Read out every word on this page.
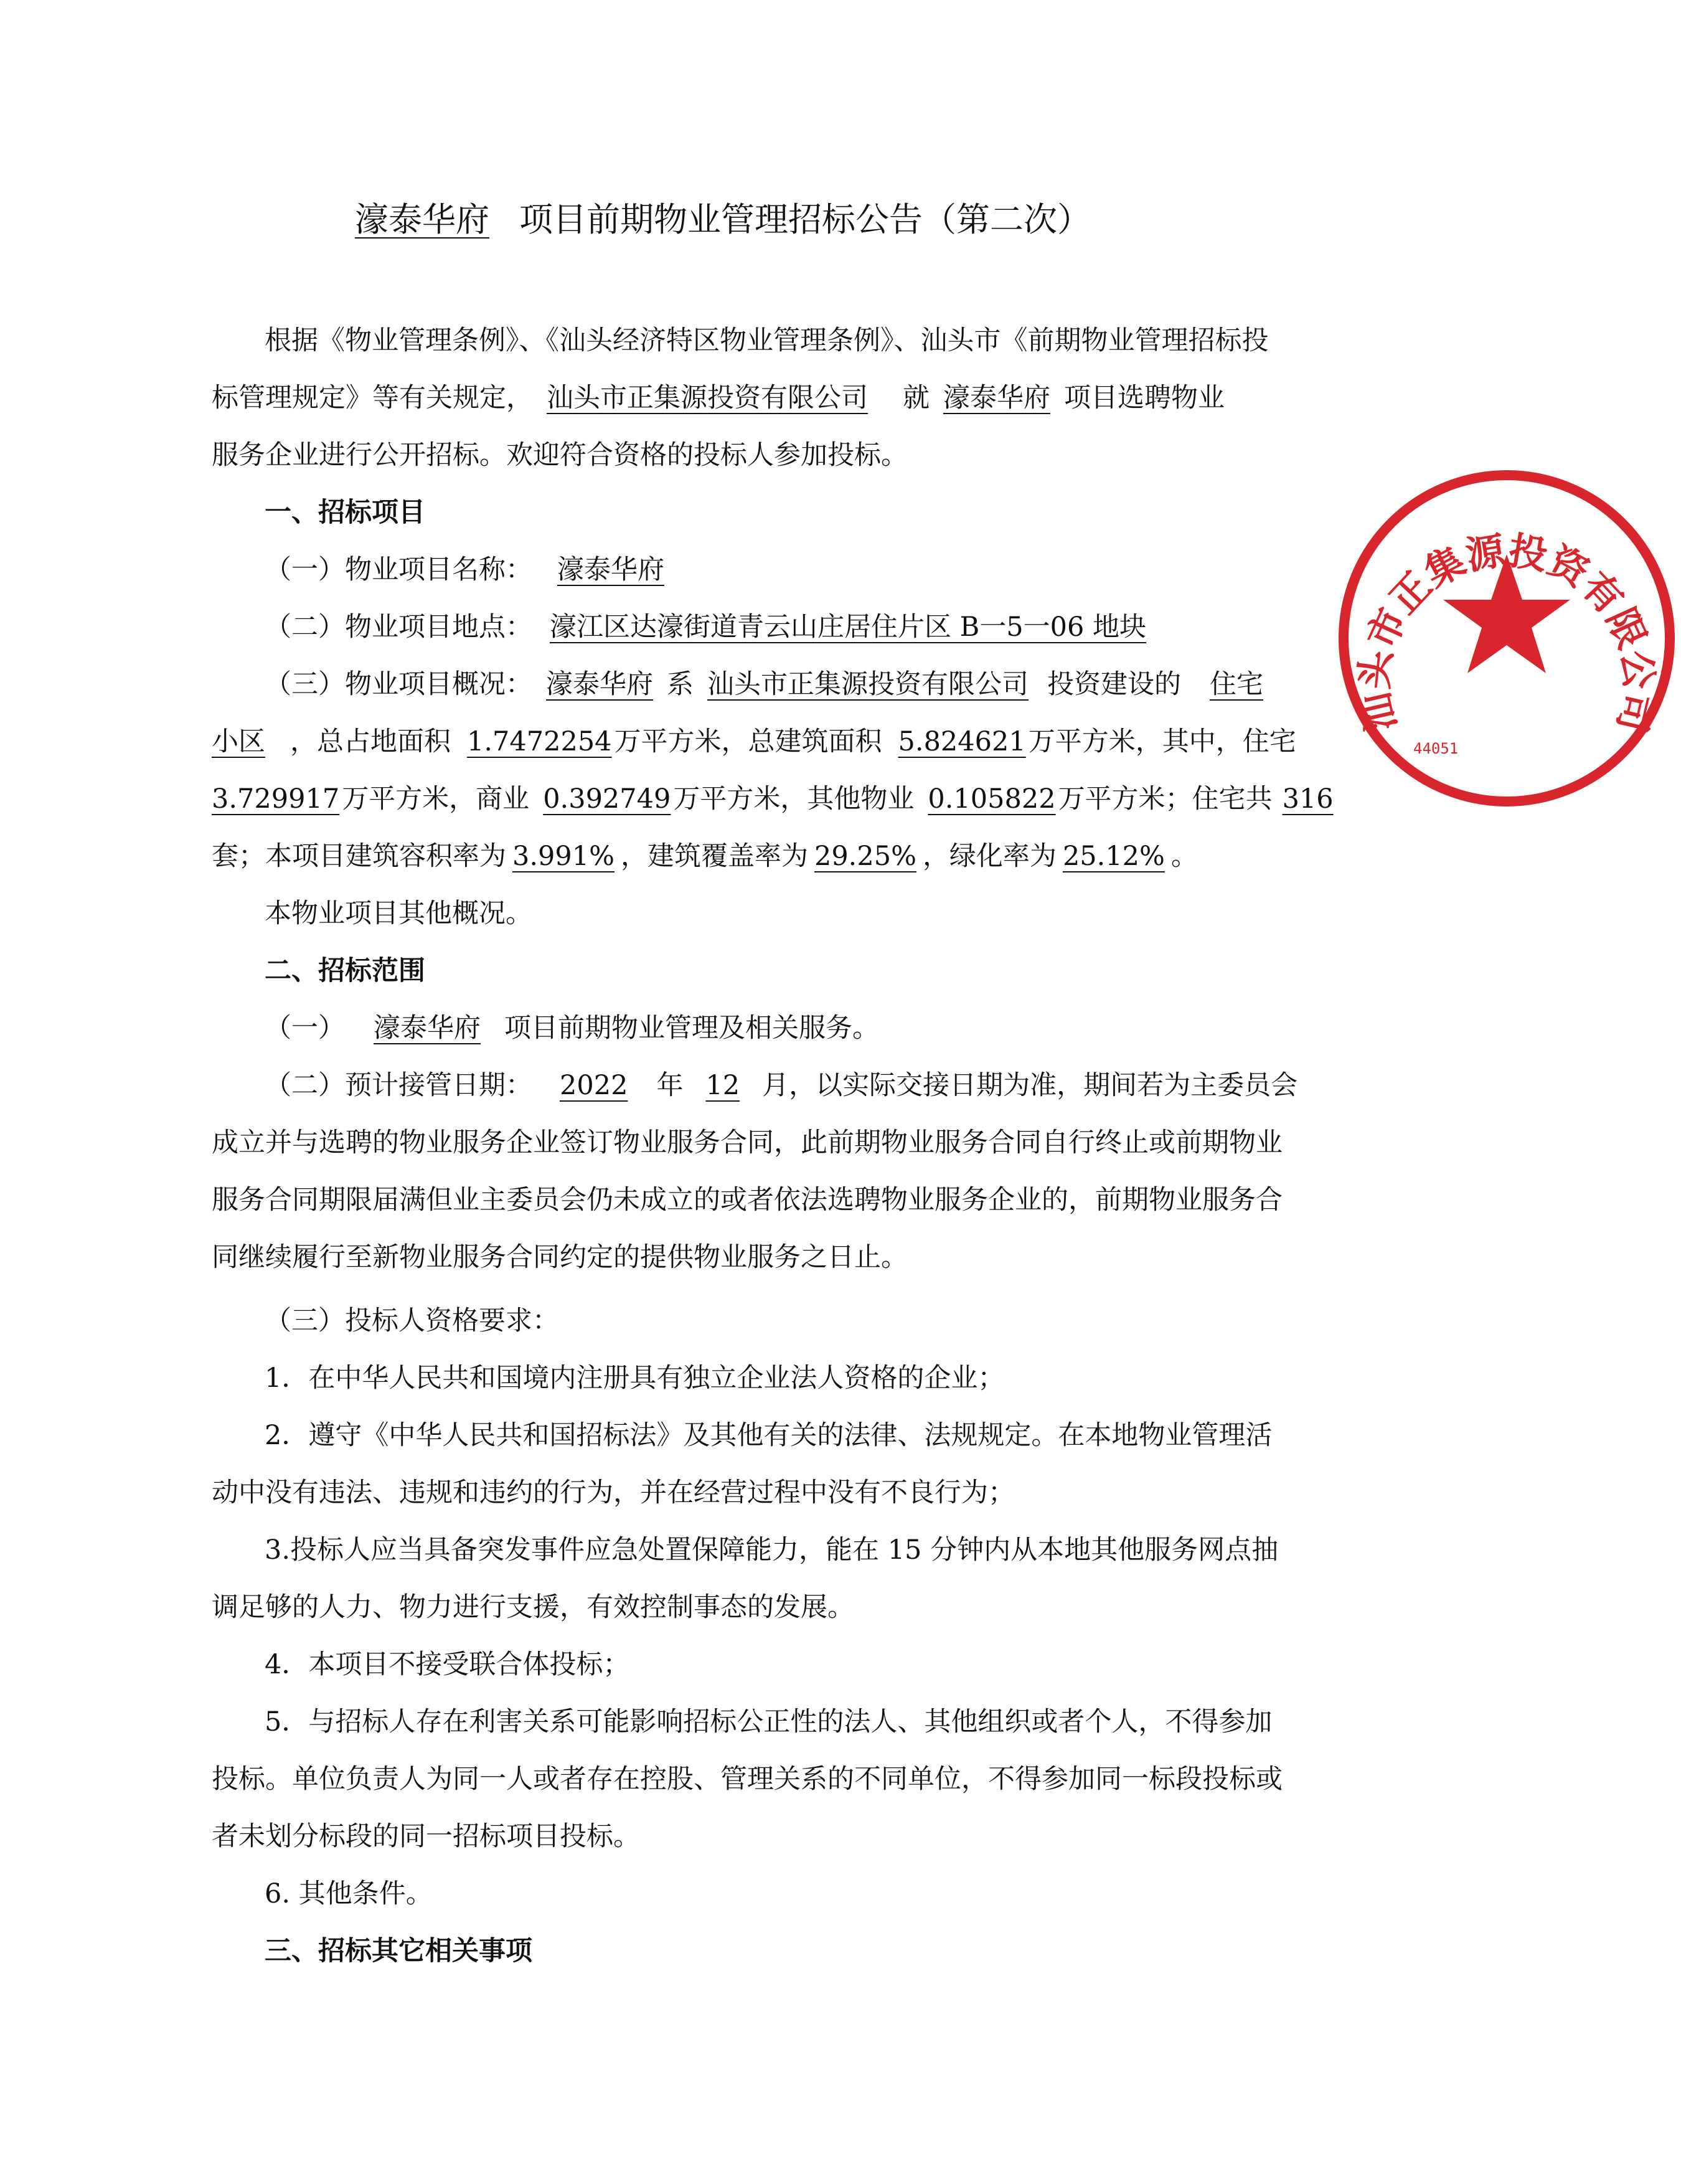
濠泰华府 项目前期物业管理招标公告（第二次）
根据《物业管理条例》、《汕头经济特区物业管理条例》、汕头市《前期物业管理招标投
标管理规定》等有关规定， 汕头市正集源投资有限公司 就 濠泰华府 项目选聘物业
服务企业进行公开招标。欢迎符合资格的投标人参加投标。
一、招标项目
（一）物业项目名称： 濠泰华府
（二）物业项目地点： 濠江区达濠街道青云山庄居住片区 B一5一06 地块
（三）物业项目概况： 濠泰华府 系 汕头市正集源投资有限公司 投资建设的 住宅
小区 ，总占地面积 1.7472254万平方米，总建筑面积 5.824621万平方米，其中，住宅
3.729917万平方米，商业 0.392749万平方米，其他物业 0.105822万平方米；住宅共 316
套；本项目建筑容积率为 3.991% ，建筑覆盖率为 29.25% ，绿化率为 25.12% 。
本物业项目其他概况。
二、招标范围
（一） 濠泰华府 项目前期物业管理及相关服务。
（二）预计接管日期： 2022 年 12 月，以实际交接日期为准，期间若为主委员会
成立并与选聘的物业服务企业签订物业服务合同，此前期物业服务合同自行终止或前期物业
服务合同期限届满但业主委员会仍未成立的或者依法选聘物业服务企业的，前期物业服务合
同继续履行至新物业服务合同约定的提供物业服务之日止。
（三）投标人资格要求：
1．在中华人民共和国境内注册具有独立企业法人资格的企业；
2．遵守《中华人民共和国招标法》及其他有关的法律、法规规定。在本地物业管理活
动中没有违法、违规和违约的行为，并在经营过程中没有不良行为；
3.投标人应当具备突发事件应急处置保障能力，能在 15 分钟内从本地其他服务网点抽
调足够的人力、物力进行支援，有效控制事态的发展。
4．本项目不接受联合体投标；
5．与招标人存在利害关系可能影响招标公正性的法人、其他组织或者个人，不得参加
投标。单位负责人为同一人或者存在控股、管理关系的不同单位，不得参加同一标段投标或
者未划分标段的同一招标项目投标。
6. 其他条件。
三、招标其它相关事项
汕头市正集源投资有限公司
44051
